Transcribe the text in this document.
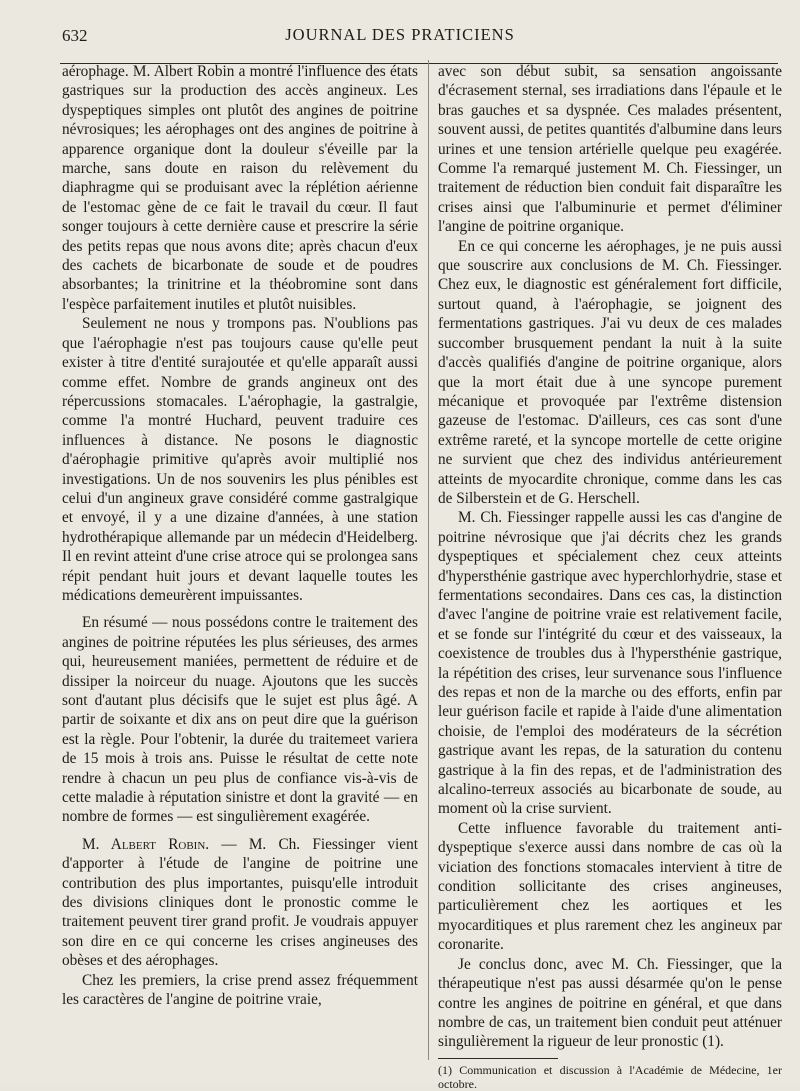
632	JOURNAL DES PRATICIENS

aérophage. M. Albert Robin a montré l'influence des états gastriques sur la production des accès angineux. Les dyspeptiques simples ont plutôt des angines de poitrine névrosiques; les aérophages ont des angines de poitrine à apparence organique dont la douleur s'éveille par la marche, sans doute en raison du relèvement du diaphragme qui se produisant avec la réplétion aérienne de l'estomac gène de ce fait le travail du cœur. Il faut songer toujours à cette dernière cause et prescrire la série des petits repas que nous avons dite; après chacun d'eux des cachets de bicarbonate de soude et de poudres absorbantes; la trinitrine et la théobromine sont dans l'espèce parfaitement inutiles et plutôt nuisibles.

Seulement ne nous y trompons pas. N'oublions pas que l'aérophagie n'est pas toujours cause qu'elle peut exister à titre d'entité surajoutée et qu'elle apparaît aussi comme effet. Nombre de grands angineux ont des répercussions stomacales. L'aérophagie, la gastralgie, comme l'a montré Huchard, peuvent traduire ces influences à distance. Ne posons le diagnostic d'aérophagie primitive qu'après avoir multiplié nos investigations. Un de nos souvenirs les plus pénibles est celui d'un angineux grave considéré comme gastralgique et envoyé, il y a une dizaine d'années, à une station hydrothérapique allemande par un médecin d'Heidelberg. Il en revint atteint d'une crise atroce qui se prolongea sans répit pendant huit jours et devant laquelle toutes les médications demeurèrent impuissantes.

En résumé — nous possédons contre le traitement des angines de poitrine réputées les plus sérieuses, des armes qui, heureusement maniées, permettent de réduire et de dissiper la noirceur du nuage. Ajoutons que les succès sont d'autant plus décisifs que le sujet est plus âgé. A partir de soixante et dix ans on peut dire que la guérison est la règle. Pour l'obtenir, la durée du traitemeet variera de 15 mois à trois ans. Puisse le résultat de cette note rendre à chacun un peu plus de confiance vis-à-vis de cette maladie à réputation sinistre et dont la gravité — en nombre de formes — est singulièrement exagérée.

M. Albert Robin. — M. Ch. Fiessinger vient d'apporter à l'étude de l'angine de poitrine une contribution des plus importantes, puisqu'elle introduit des divisions cliniques dont le pronostic comme le traitement peuvent tirer grand profit. Je voudrais appuyer son dire en ce qui concerne les crises angineuses des obèses et des aérophages.

Chez les premiers, la crise prend assez fréquemment les caractères de l'angine de poitrine vraie,

avec son début subit, sa sensation angoissante d'écrasement sternal, ses irradiations dans l'épaule et le bras gauches et sa dyspnée. Ces malades présentent, souvent aussi, de petites quantités d'albumine dans leurs urines et une tension artérielle quelque peu exagérée. Comme l'a remarqué justement M. Ch. Fiessinger, un traitement de réduction bien conduit fait disparaître les crises ainsi que l'albuminurie et permet d'éliminer l'angine de poitrine organique.

En ce qui concerne les aérophages, je ne puis aussi que souscrire aux conclusions de M. Ch. Fiessinger. Chez eux, le diagnostic est généralement fort difficile, surtout quand, à l'aérophagie, se joignent des fermentations gastriques. J'ai vu deux de ces malades succomber brusquement pendant la nuit à la suite d'accès qualifiés d'angine de poitrine organique, alors que la mort était due à une syncope purement mécanique et provoquée par l'extrême distension gazeuse de l'estomac. D'ailleurs, ces cas sont d'une extrême rareté, et la syncope mortelle de cette origine ne survient que chez des individus antérieurement atteints de myocardite chronique, comme dans les cas de Silberstein et de G. Herschell.

M. Ch. Fiessinger rappelle aussi les cas d'angine de poitrine névrosique que j'ai décrits chez les grands dyspeptiques et spécialement chez ceux atteints d'hypersthénie gastrique avec hyperchlorhydrie, stase et fermentations secondaires. Dans ces cas, la distinction d'avec l'angine de poitrine vraie est relativement facile, et se fonde sur l'intégrité du cœur et des vaisseaux, la coexistence de troubles dus à l'hypersthénie gastrique, la répétition des crises, leur survenance sous l'influence des repas et non de la marche ou des efforts, enfin par leur guérison facile et rapide à l'aide d'une alimentation choisie, de l'emploi des modérateurs de la sécrétion gastrique avant les repas, de la saturation du contenu gastrique à la fin des repas, et de l'administration des alcalino-terreux associés au bicarbonate de soude, au moment où la crise survient.

Cette influence favorable du traitement anti-dyspeptique s'exerce aussi dans nombre de cas où la viciation des fonctions stomacales intervient à titre de condition sollicitante des crises angineuses, particulièrement chez les aortiques et les myocarditiques et plus rarement chez les angineux par coronarite.

Je conclus donc, avec M. Ch. Fiessinger, que la thérapeutique n'est pas aussi désarmée qu'on le pense contre les angines de poitrine en général, et que dans nombre de cas, un traitement bien conduit peut atténuer singulièrement la rigueur de leur pronostic (1).

(1) Communication et discussion à l'Académie de Médecine, 1er octobre.
